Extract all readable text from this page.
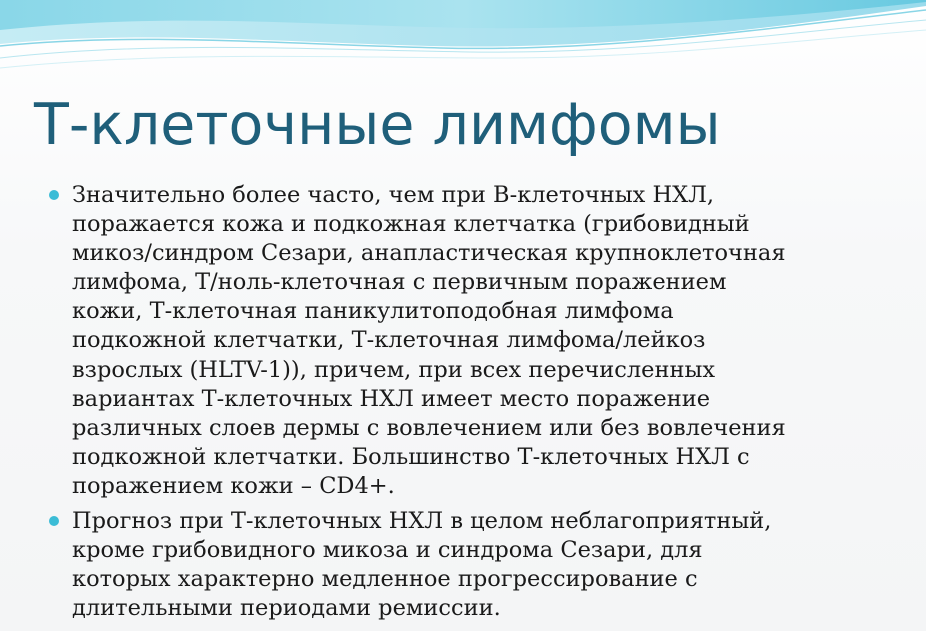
Т-клеточные лимфомы
Значительно более часто, чем при В-клеточных НХЛ,
поражается кожа и подкожная клетчатка (грибовидный
микоз/синдром Сезари, анапластическая крупноклеточная
лимфома, Т/ноль-клеточная с первичным поражением
кожи, Т-клеточная паникулитоподобная лимфома
подкожной клетчатки, Т-клеточная лимфома/лейкоз
взрослых (HLTV-1)), причем, при всех перечисленных
вариантах Т-клеточных НХЛ имеет место поражение
различных слоев дермы с вовлечением или без вовлечения
подкожной клетчатки. Большинство Т-клеточных НХЛ с
поражением кожи – CD4+.
Прогноз при Т-клеточных НХЛ в целом неблагоприятный,
кроме грибовидного микоза и синдрома Сезари, для
которых характерно медленное прогрессирование с
длительными периодами ремиссии.
